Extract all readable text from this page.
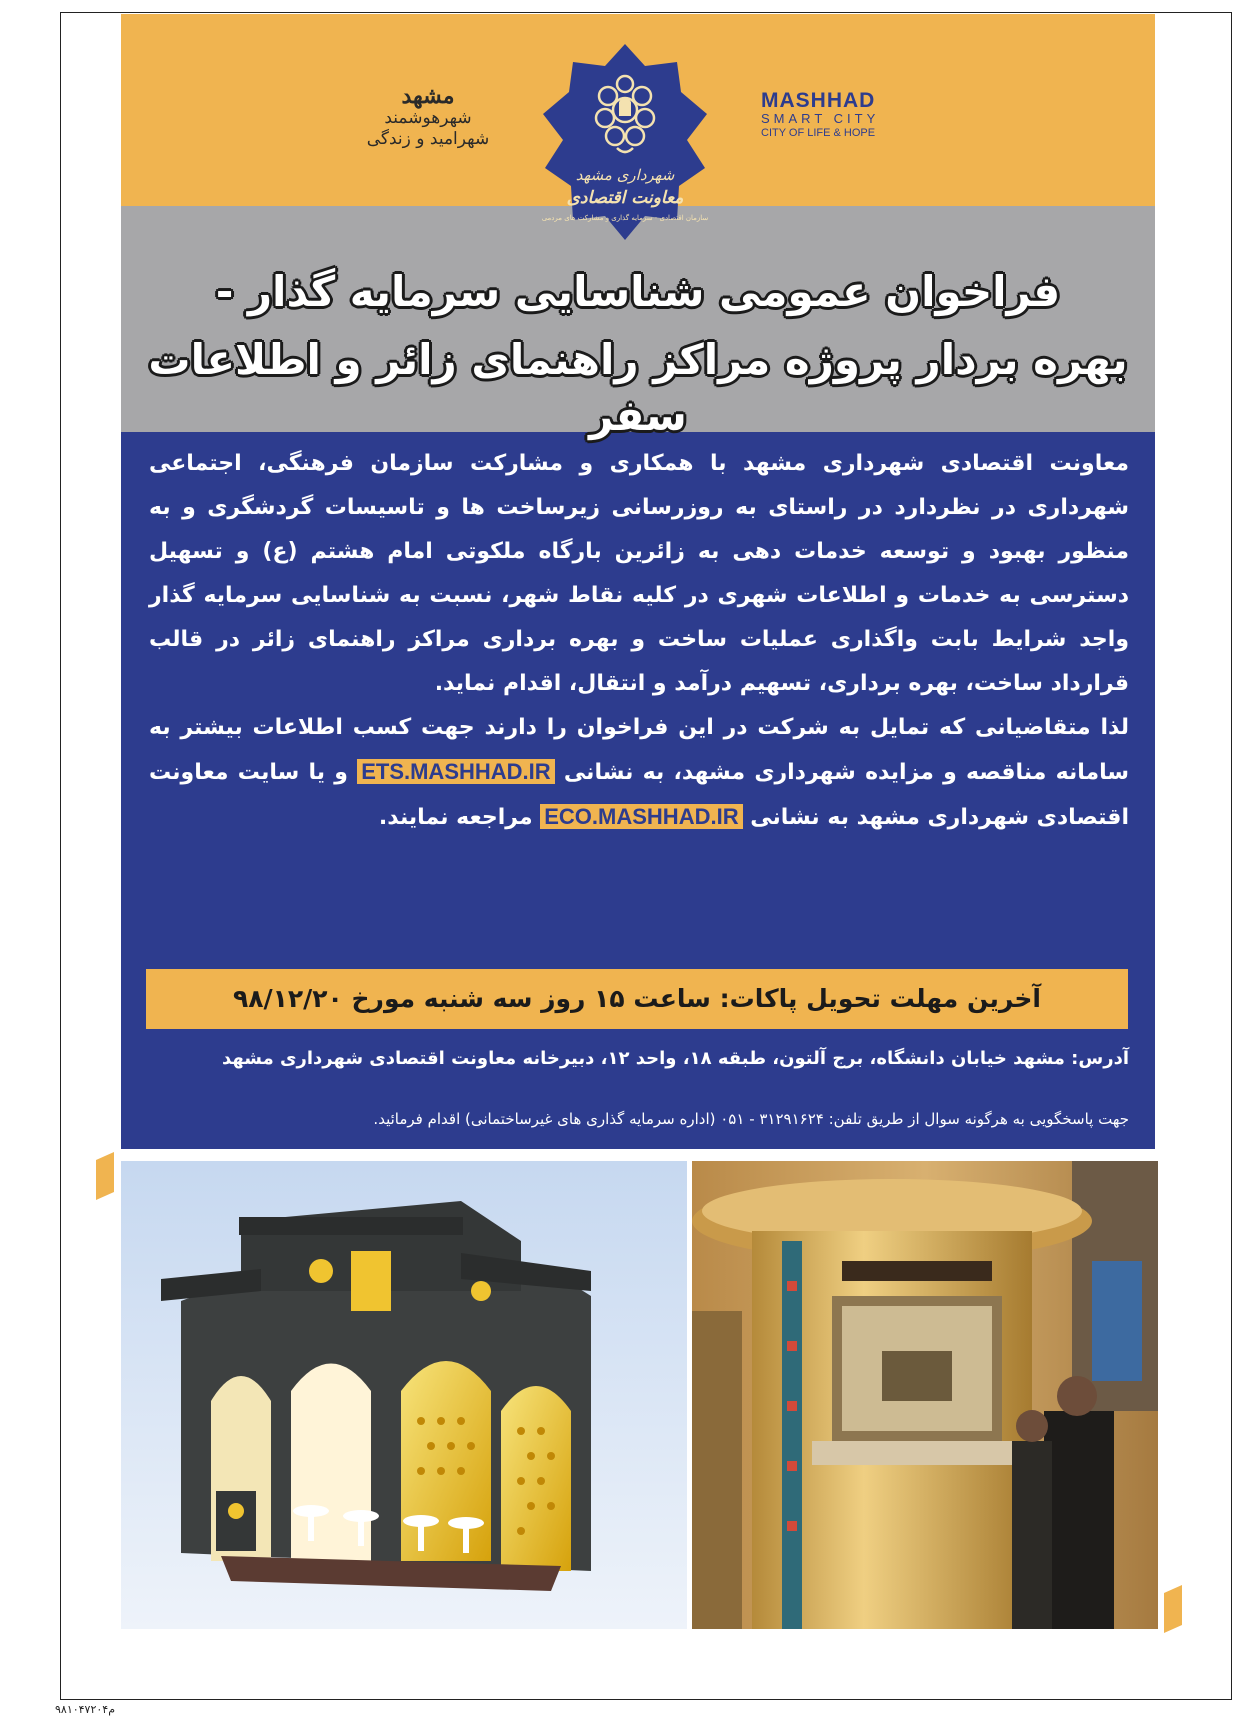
مشهد
شهرهوشمند
شهرامید و زندگی
شهرداری مشهد
معاونت اقتصادی
سازمان اقتصادی - سرمایه گذاری و مشارکت های مردمی
MASHHAD
SMART CITY
CITY OF LIFE & HOPE
فراخوان عمومی شناسایی سرمایه گذار -
بهره بردار پروژه مراکز راهنمای زائر و اطلاعات سفر

معاونت اقتصادی شهرداری مشهد با همکاری و مشارکت سازمان فرهنگی، اجتماعی شهرداری در نظردارد در راستای به روزرسانی زیرساخت ها و تاسیسات گردشگری و به منظور بهبود و توسعه خدمات دهی به زائرین بارگاه ملکوتی امام هشتم (ع) و تسهیل دسترسی به خدمات و اطلاعات شهری در کلیه نقاط شهر، نسبت به شناسایی سرمایه گذار واجد شرایط بابت واگذاری عملیات ساخت و بهره برداری مراکز راهنمای زائر در قالب قرارداد ساخت، بهره برداری، تسهیم درآمد و انتقال، اقدام نماید.

لذا متقاضیانی که تمایل به شرکت در این فراخوان را دارند جهت کسب اطلاعات بیشتر به سامانه مناقصه و مزایده شهرداری مشهد، به نشانی ETS.MASHHAD.IR و یا سایت معاونت اقتصادی شهرداری مشهد به نشانی ECO.MASHHAD.IR مراجعه نمایند.

آخرین مهلت تحویل پاکات: ساعت ۱۵ روز سه شنبه مورخ ۹۸/۱۲/۲۰
آدرس: مشهد خیابان دانشگاه، برج آلتون، طبقه ۱۸، واحد ۱۲، دبیرخانه معاونت اقتصادی شهرداری مشهد
جهت پاسخگویی به هرگونه سوال از طریق تلفن: ۳۱۲۹۱۶۲۴ - ۰۵۱ (اداره سرمایه گذاری های غیرساختمانی) اقدام فرمائید.
م۹۸۱۰۴۷۲۰۴
